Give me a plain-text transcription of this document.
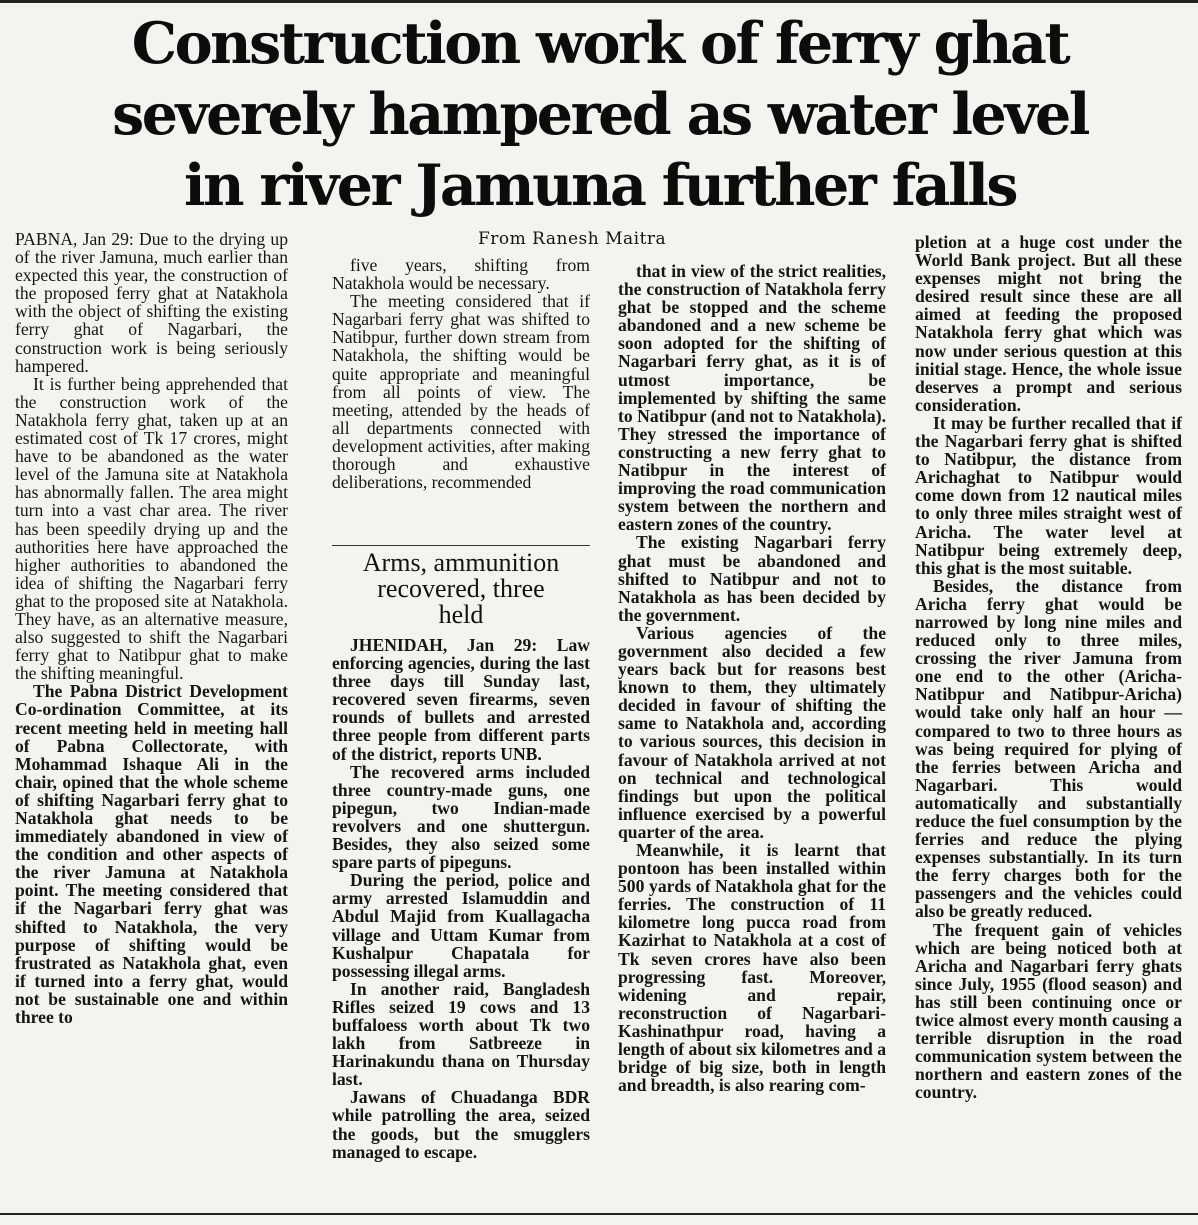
Construction work of ferry ghat
severely hampered as water level
in river Jamuna further falls
From Ranesh Maitra

PABNA, Jan 29: Due to the drying up of the river Jamuna, much earlier than expected this year, the construction of the proposed ferry ghat at Natakhola with the object of shifting the existing ferry ghat of Nagarbari, the construction work is being seriously hampered.

It is further being apprehended that the construction work of the Natakhola ferry ghat, taken up at an estimated cost of Tk 17 crores, might have to be abandoned as the water level of the Jamuna site at Natakhola has abnormally fallen. The area might turn into a vast char area. The river has been speedily drying up and the authorities here have approached the higher authorities to abandoned the idea of shifting the Nagarbari ferry ghat to the proposed site at Natakhola. They have, as an alternative measure, also suggested to shift the Nagarbari ferry ghat to Natibpur ghat to make the shifting meaningful.

The Pabna District Development Co-ordination Committee, at its recent meeting held in meeting hall of Pabna Collectorate, with Mohammad Ishaque Ali in the chair, opined that the whole scheme of shifting Nagarbari ferry ghat to Natakhola ghat needs to be immediately abandoned in view of the condition and other aspects of the river Jamuna at Natakhola point. The meeting considered that if the Nagarbari ferry ghat was shifted to Natakhola, the very purpose of shifting would be frustrated as Natakhola ghat, even if turned into a ferry ghat, would not be sustainable one and within three to

five years, shifting from Natakhola would be necessary.

The meeting considered that if Nagarbari ferry ghat was shifted to Natibpur, further down stream from Natakhola, the shifting would be quite appropriate and meaningful from all points of view. The meeting, attended by the heads of all departments connected with development activities, after making thorough and exhaustive deliberations, recommended

Arms, ammunition
recovered, three
held

JHENIDAH, Jan 29: Law enforcing agencies, during the last three days till Sunday last, recovered seven firearms, seven rounds of bullets and arrested three people from different parts of the district, reports UNB.

The recovered arms included three country-made guns, one pipegun, two Indian-made revolvers and one shuttergun. Besides, they also seized some spare parts of pipeguns.

During the period, police and army arrested Islamuddin and Abdul Majid from Kuallagacha village and Uttam Kumar from Kushalpur Chapatala for possessing illegal arms.

In another raid, Bangladesh Rifles seized 19 cows and 13 buffaloess worth about Tk two lakh from Satbreeze in Harinakundu thana on Thursday last.

Jawans of Chuadanga BDR while patrolling the area, seized the goods, but the smugglers managed to escape.

that in view of the strict realities, the construction of Natakhola ferry ghat be stopped and the scheme abandoned and a new scheme be soon adopted for the shifting of Nagarbari ferry ghat, as it is of utmost importance, be implemented by shifting the same to Natibpur (and not to Natakhola). They stressed the importance of constructing a new ferry ghat to Natibpur in the interest of improving the road communication system between the northern and eastern zones of the country.

The existing Nagarbari ferry ghat must be abandoned and shifted to Natibpur and not to Natakhola as has been decided by the government.

Various agencies of the government also decided a few years back but for reasons best known to them, they ultimately decided in favour of shifting the same to Natakhola and, according to various sources, this decision in favour of Natakhola arrived at not on technical and technological findings but upon the political influence exercised by a powerful quarter of the area.

Meanwhile, it is learnt that pontoon has been installed within 500 yards of Natakhola ghat for the ferries. The construction of 11 kilometre long pucca road from Kazirhat to Natakhola at a cost of Tk seven crores have also been progressing fast. Moreover, widening and repair, reconstruction of Nagarbari-Kashinathpur road, having a length of about six kilometres and a bridge of big size, both in length and breadth, is also rearing com-

pletion at a huge cost under the World Bank project. But all these expenses might not bring the desired result since these are all aimed at feeding the proposed Natakhola ferry ghat which was now under serious question at this initial stage. Hence, the whole issue deserves a prompt and serious consideration.

It may be further recalled that if the Nagarbari ferry ghat is shifted to Natibpur, the distance from Arichaghat to Natibpur would come down from 12 nautical miles to only three miles straight west of Aricha. The water level at Natibpur being extremely deep, this ghat is the most suitable.

Besides, the distance from Aricha ferry ghat would be narrowed by long nine miles and reduced only to three miles, crossing the river Jamuna from one end to the other (Aricha-Natibpur and Natibpur-Aricha) would take only half an hour — compared to two to three hours as was being required for plying of the ferries between Aricha and Nagarbari. This would automatically and substantially reduce the fuel consumption by the ferries and reduce the plying expenses substantially. In its turn the ferry charges both for the passengers and the vehicles could also be greatly reduced.

The frequent gain of vehicles which are being noticed both at Aricha and Nagarbari ferry ghats since July, 1955 (flood season) and has still been continuing once or twice almost every month causing a terrible disruption in the road communication system between the northern and eastern zones of the country.
